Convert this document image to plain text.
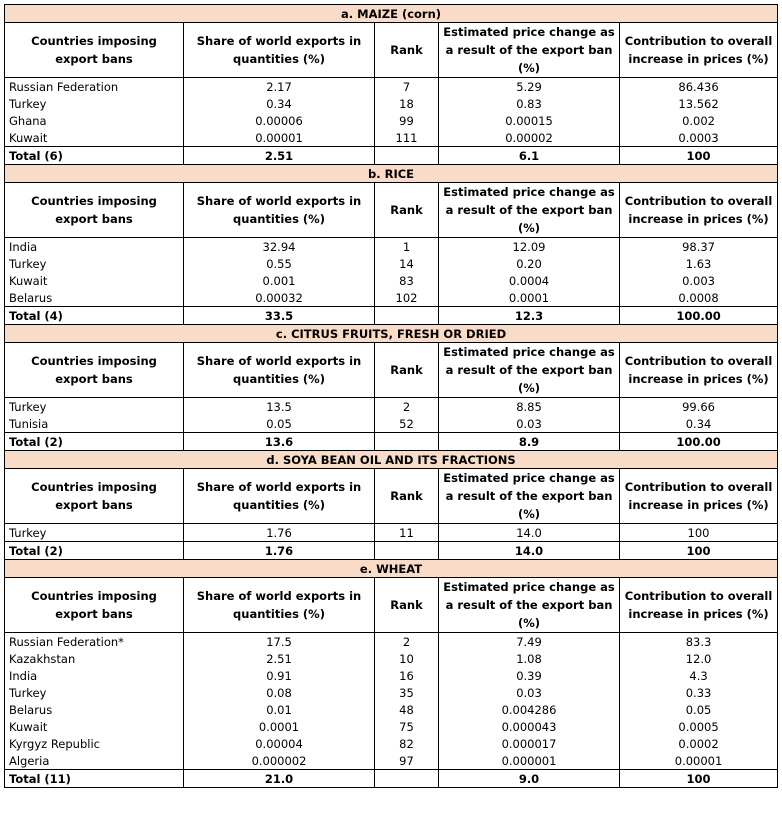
a. MAIZE (corn)				
Countries imposing export bans	Share of world exports in quantities (%)	Rank	Estimated price change as a result of the export ban (%)	Contribution to overall increase in prices (%)
Russian Federation	2.17	7	5.29	86.436
Turkey	0.34	18	0.83	13.562
Ghana	0.00006	99	0.00015	0.002
Kuwait	0.00001	111	0.00002	0.0003
Total (6)	2.51		6.1	100
b. RICE				
Countries imposing export bans	Share of world exports in quantities (%)	Rank	Estimated price change as a result of the export ban (%)	Contribution to overall increase in prices (%)
India	32.94	1	12.09	98.37
Turkey	0.55	14	0.20	1.63
Kuwait	0.001	83	0.0004	0.003
Belarus	0.00032	102	0.0001	0.0008
Total (4)	33.5		12.3	100.00
c. CITRUS FRUITS, FRESH OR DRIED				
Countries imposing export bans	Share of world exports in quantities (%)	Rank	Estimated price change as a result of the export ban (%)	Contribution to overall increase in prices (%)
Turkey	13.5	2	8.85	99.66
Tunisia	0.05	52	0.03	0.34
Total (2)	13.6		8.9	100.00
d. SOYA BEAN OIL AND ITS FRACTIONS				
Countries imposing export bans	Share of world exports in quantities (%)	Rank	Estimated price change as a result of the export ban (%)	Contribution to overall increase in prices (%)
Turkey	1.76	11	14.0	100
Total (2)	1.76		14.0	100
e. WHEAT				
Countries imposing export bans	Share of world exports in quantities (%)	Rank	Estimated price change as a result of the export ban (%)	Contribution to overall increase in prices (%)
Russian Federation*	17.5	2	7.49	83.3
Kazakhstan	2.51	10	1.08	12.0
India	0.91	16	0.39	4.3
Turkey	0.08	35	0.03	0.33
Belarus	0.01	48	0.004286	0.05
Kuwait	0.0001	75	0.000043	0.0005
Kyrgyz Republic	0.00004	82	0.000017	0.0002
Algeria	0.000002	97	0.000001	0.00001
Total (11)	21.0		9.0	100
